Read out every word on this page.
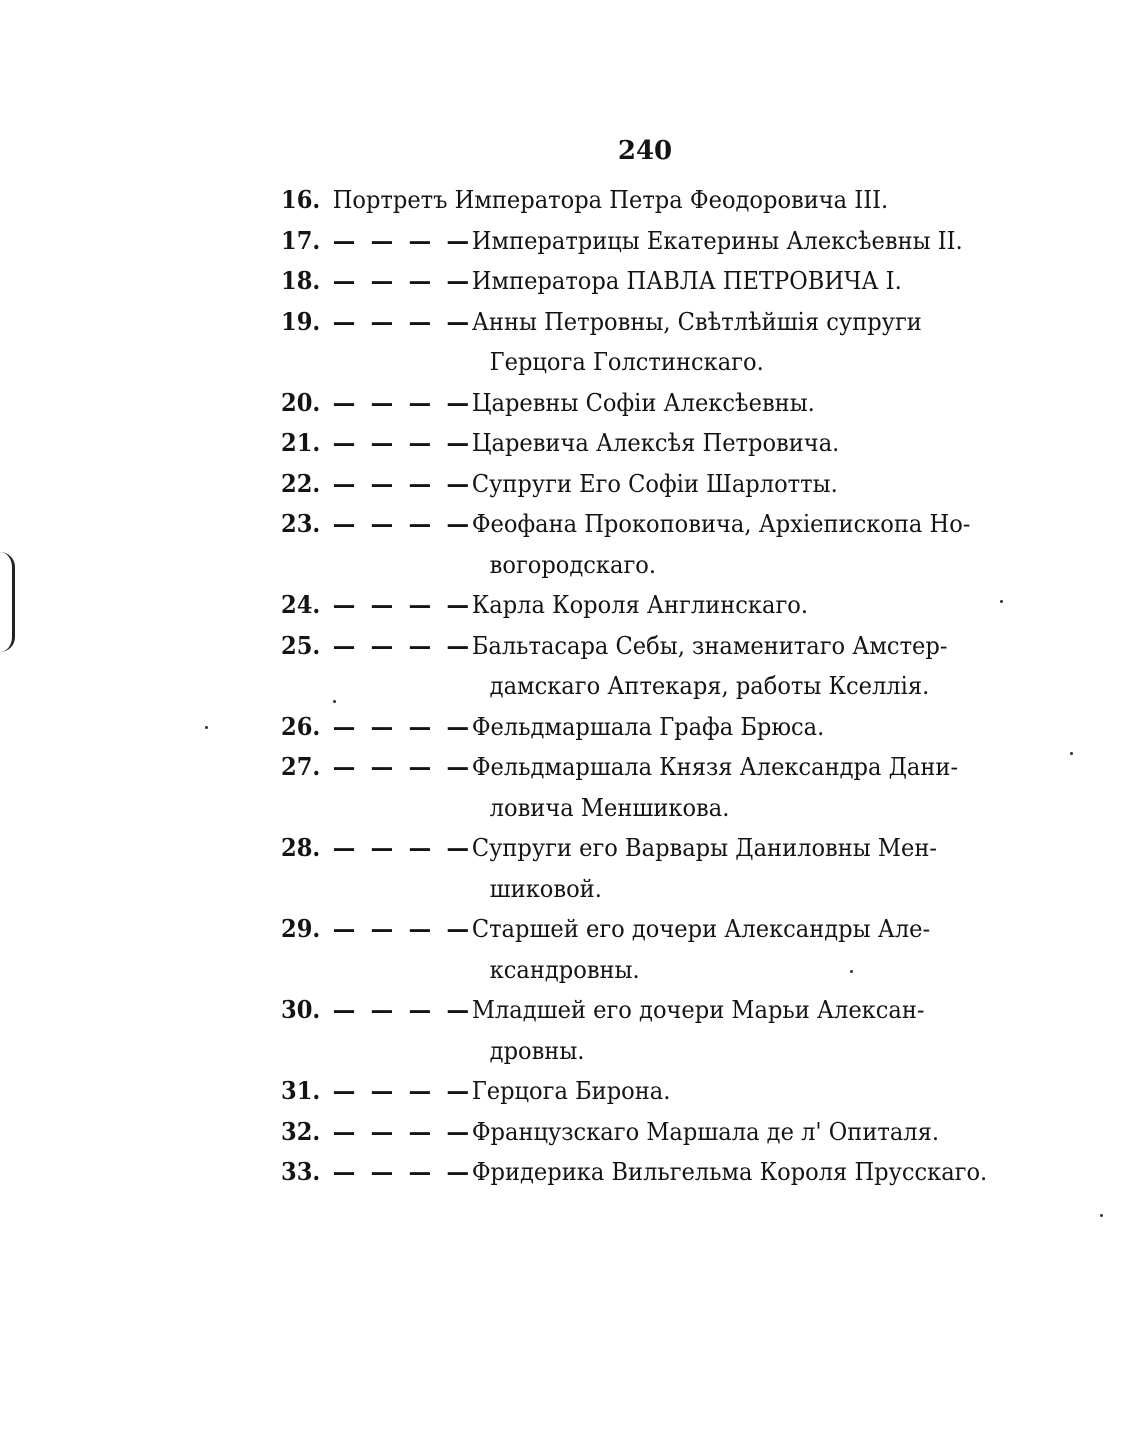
240
16. Портретъ Императора Петра Феодоровича III.
17. — — — —Императрицы Екатерины Алексѣевны II.
18. — — — —Императора ПАВЛА ПЕТРОВИЧА I.
19. — — — —Анны Петровны, Свѣтлѣйшія супруги
Герцога Голстинскаго.
20. — — — —Царевны Софіи Алексѣевны.
21. — — — —Царевича Алексѣя Петровича.
22. — — — —Супруги Его Софіи Шарлотты.
23. — — — —Феофана Прокоповича, Архіепископа Но-
вогородскаго.
24. — — — —Карла Короля Англинскаго.
25. — — — —Бальтасара Себы, знаменитаго Амстер-
дамскаго Аптекаря, работы Кселлія.
26. — — — —Фельдмаршала Графа Брюса.
27. — — — —Фельдмаршала Князя Александра Дани-
ловича Меншикова.
28. — — — —Супруги его Варвары Даниловны Мен-
шиковой.
29. — — — —Старшей его дочери Александры Але-
ксандровны.
30. — — — —Младшей его дочери Марьи Алексан-
дровны.
31. — — — —Герцога Бирона.
32. — — — —Французскаго Маршала де л' Опиталя.
33. — — — —Фридерика Вильгельма Короля Прусскаго.
